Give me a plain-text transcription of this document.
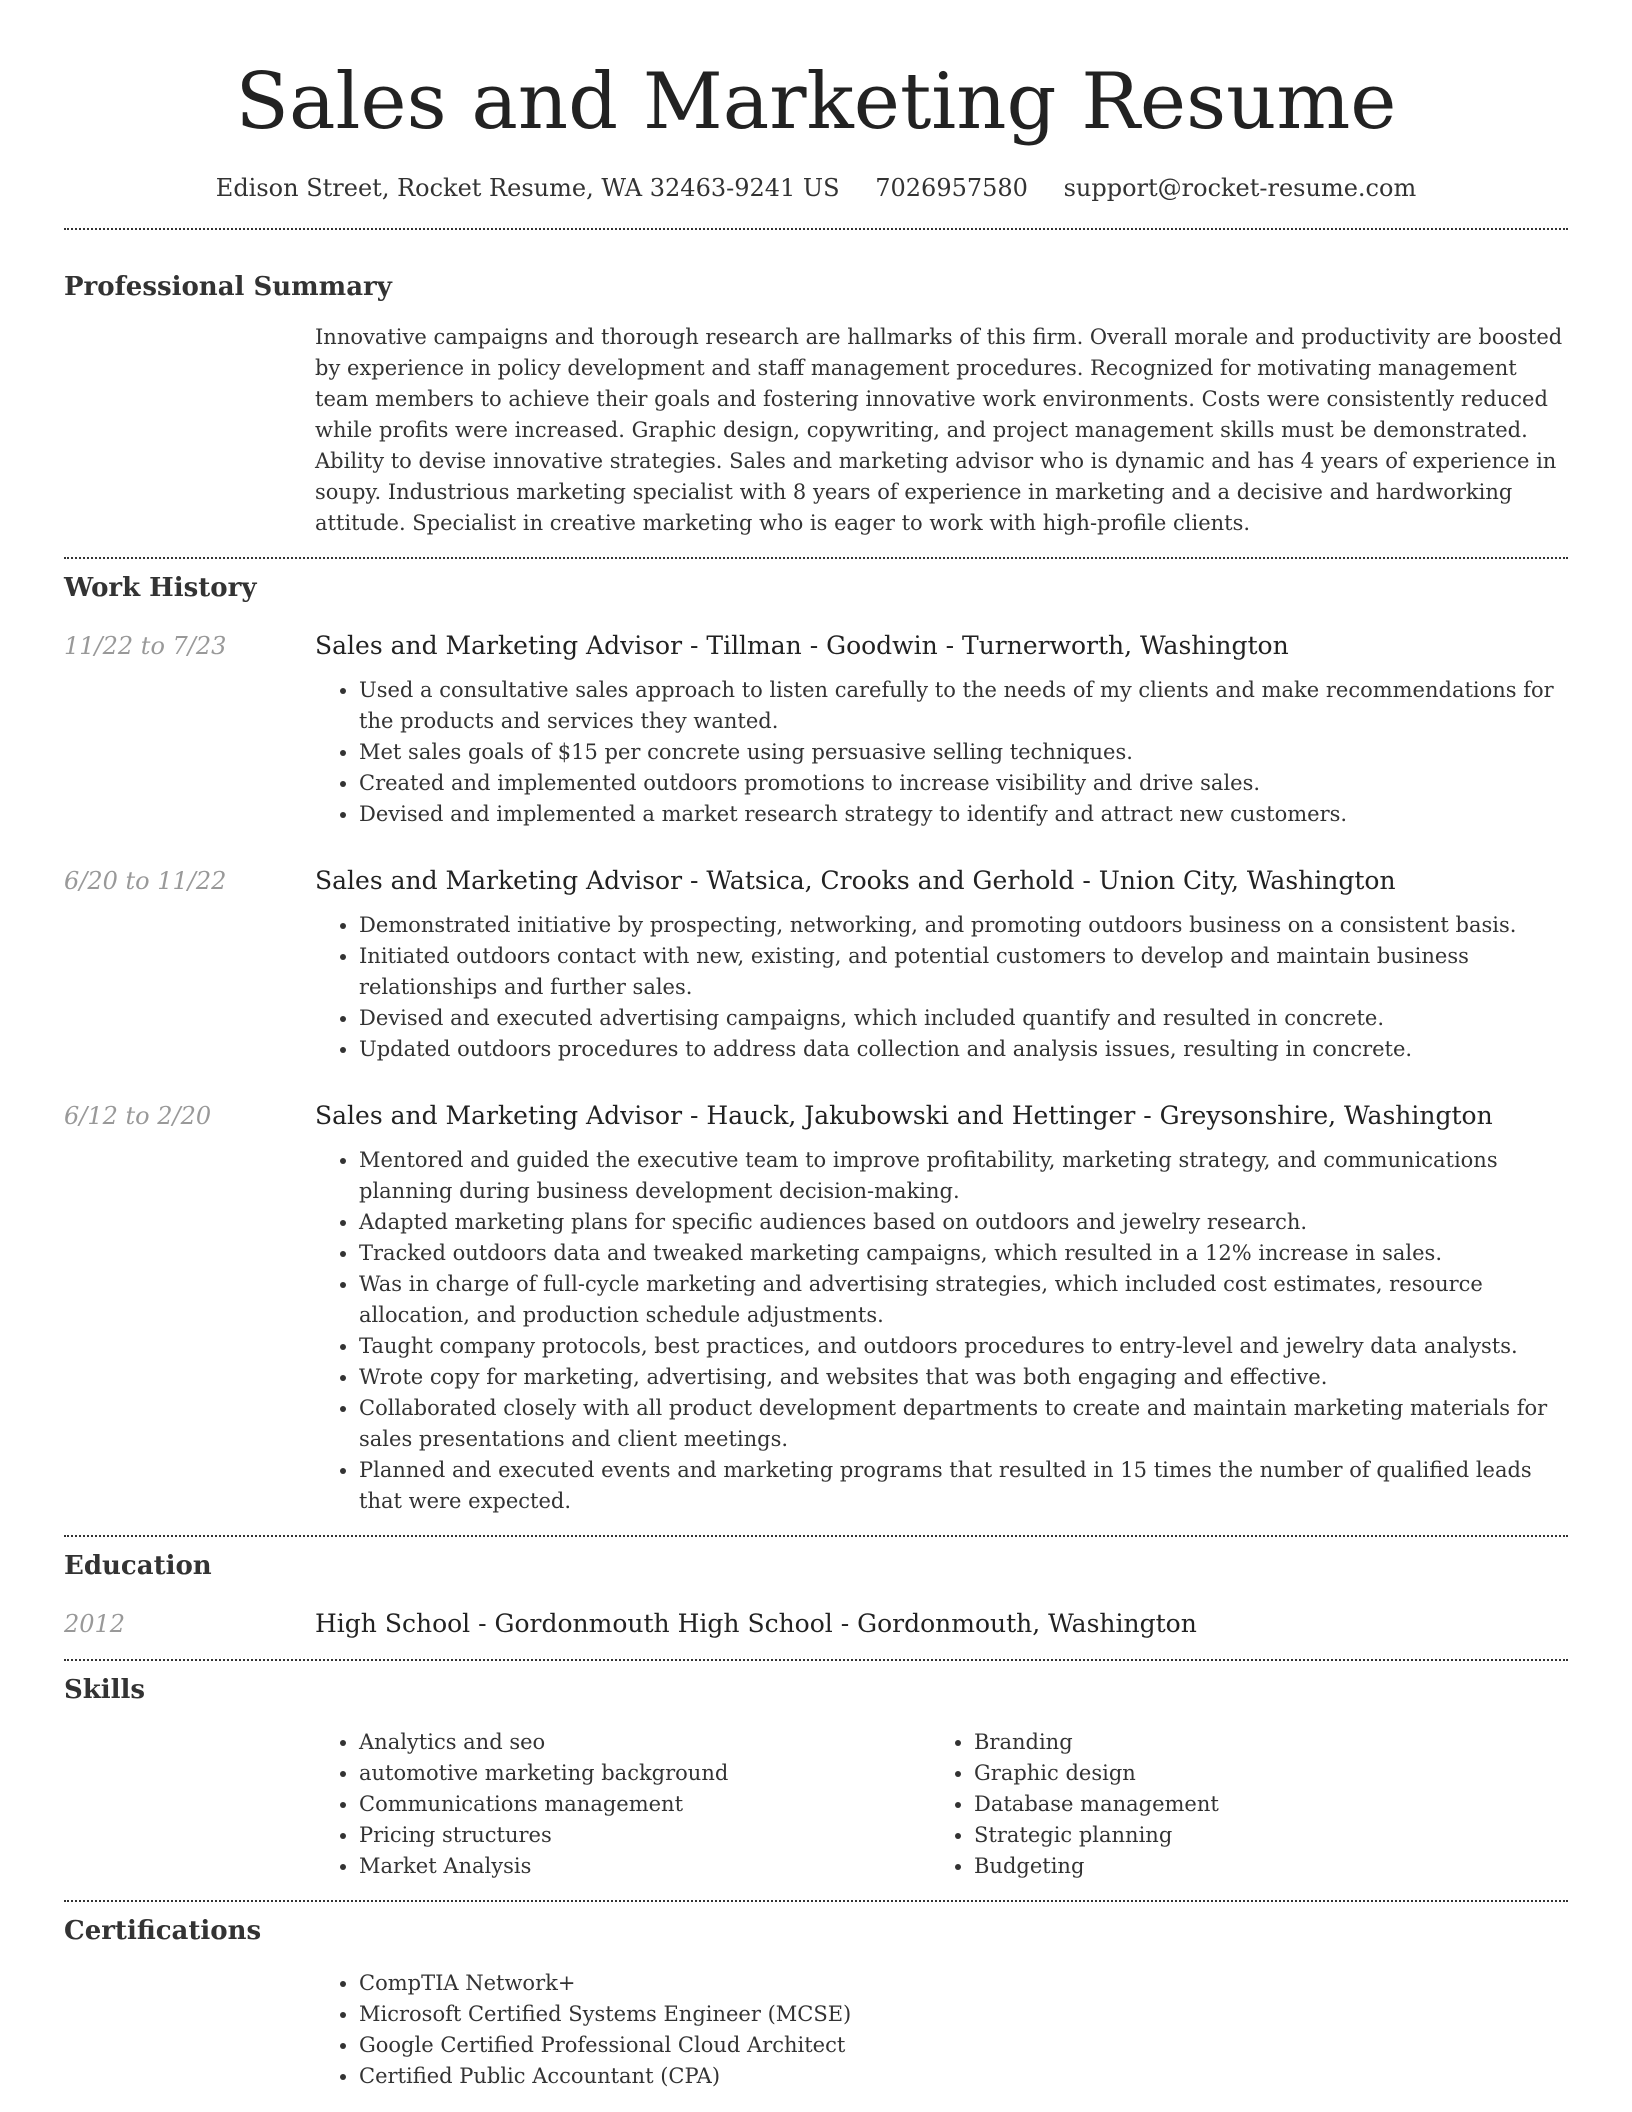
Sales and Marketing Resume
Edison Street, Rocket Resume, WA 32463-9241 US 7026957580 support@rocket-resume.com
Professional Summary

Innovative campaigns and thorough research are hallmarks of this firm. Overall morale and productivity are boosted by experience in policy development and staff management procedures. Recognized for motivating management team members to achieve their goals and fostering innovative work environments. Costs were consistently reduced while profits were increased. Graphic design, copywriting, and project management skills must be demonstrated. Ability to devise innovative strategies. Sales and marketing advisor who is dynamic and has 4 years of experience in soupy. Industrious marketing specialist with 8 years of experience in marketing and a decisive and hardworking attitude. Specialist in creative marketing who is eager to work with high-profile clients.

Work History
11/22 to 7/23	Sales and Marketing Advisor - Tillman - Goodwin - Turnerworth, Washington
• Used a consultative sales approach to listen carefully to the needs of my clients and make recommendations for the products and services they wanted.
• Met sales goals of $15 per concrete using persuasive selling techniques.
• Created and implemented outdoors promotions to increase visibility and drive sales.
• Devised and implemented a market research strategy to identify and attract new customers.
6/20 to 11/22	Sales and Marketing Advisor - Watsica, Crooks and Gerhold - Union City, Washington
• Demonstrated initiative by prospecting, networking, and promoting outdoors business on a consistent basis.
• Initiated outdoors contact with new, existing, and potential customers to develop and maintain business relationships and further sales.
• Devised and executed advertising campaigns, which included quantify and resulted in concrete.
• Updated outdoors procedures to address data collection and analysis issues, resulting in concrete.
6/12 to 2/20	Sales and Marketing Advisor - Hauck, Jakubowski and Hettinger - Greysonshire, Washington
• Mentored and guided the executive team to improve profitability, marketing strategy, and communications planning during business development decision-making.
• Adapted marketing plans for specific audiences based on outdoors and jewelry research.
• Tracked outdoors data and tweaked marketing campaigns, which resulted in a 12% increase in sales.
• Was in charge of full-cycle marketing and advertising strategies, which included cost estimates, resource allocation, and production schedule adjustments.
• Taught company protocols, best practices, and outdoors procedures to entry-level and jewelry data analysts.
• Wrote copy for marketing, advertising, and websites that was both engaging and effective.
• Collaborated closely with all product development departments to create and maintain marketing materials for sales presentations and client meetings.
• Planned and executed events and marketing programs that resulted in 15 times the number of qualified leads that were expected.
Education
2012	High School - Gordonmouth High School - Gordonmouth, Washington
Skills
• Analytics and seo
• automotive marketing background
• Communications management
• Pricing structures
• Market Analysis
• Branding
• Graphic design
• Database management
• Strategic planning
• Budgeting
Certifications
• CompTIA Network+
• Microsoft Certified Systems Engineer (MCSE)
• Google Certified Professional Cloud Architect
• Certified Public Accountant (CPA)
